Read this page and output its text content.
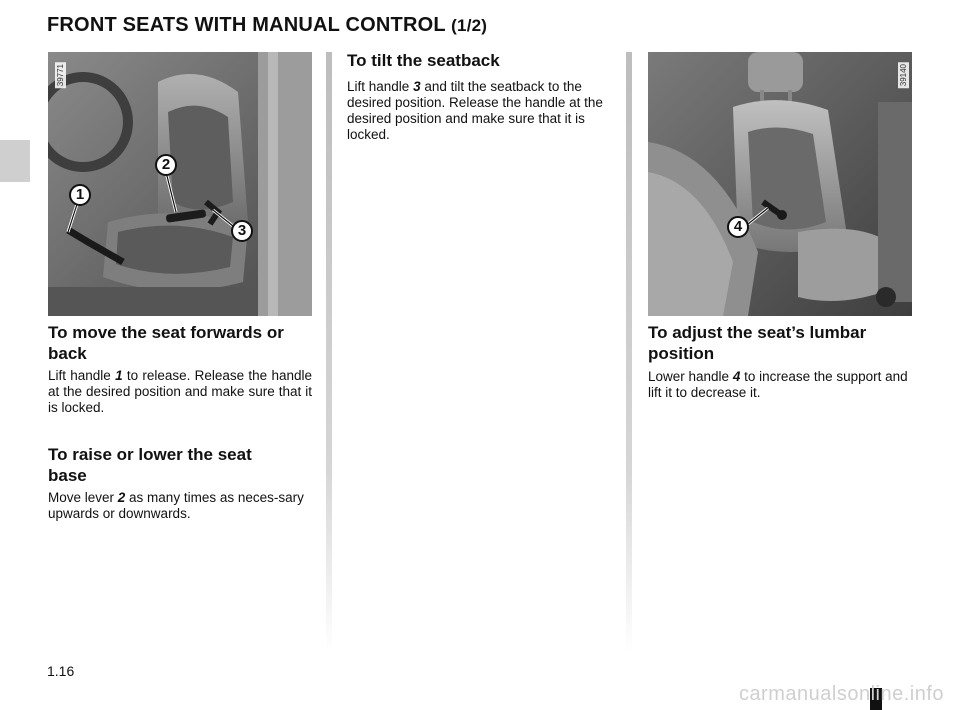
FRONT SEATS WITH MANUAL CONTROL (1/2)
39771
1
2
3
39140
4
To move the seat forwards or
back

Lift handle 1 to release. Release the handle at the desired position and make sure that it is locked.

To raise or lower the seat
base

Move lever 2 as many times as neces-sary upwards or downwards.

To tilt the seatback

Lift handle 3 and tilt the seatback to the desired position. Release the handle at the desired position and make sure that it is locked.

To adjust the seat’s lumbar
position

Lower handle 4 to increase the support and lift it to decrease it.

1.16
carmanualsonline.info
